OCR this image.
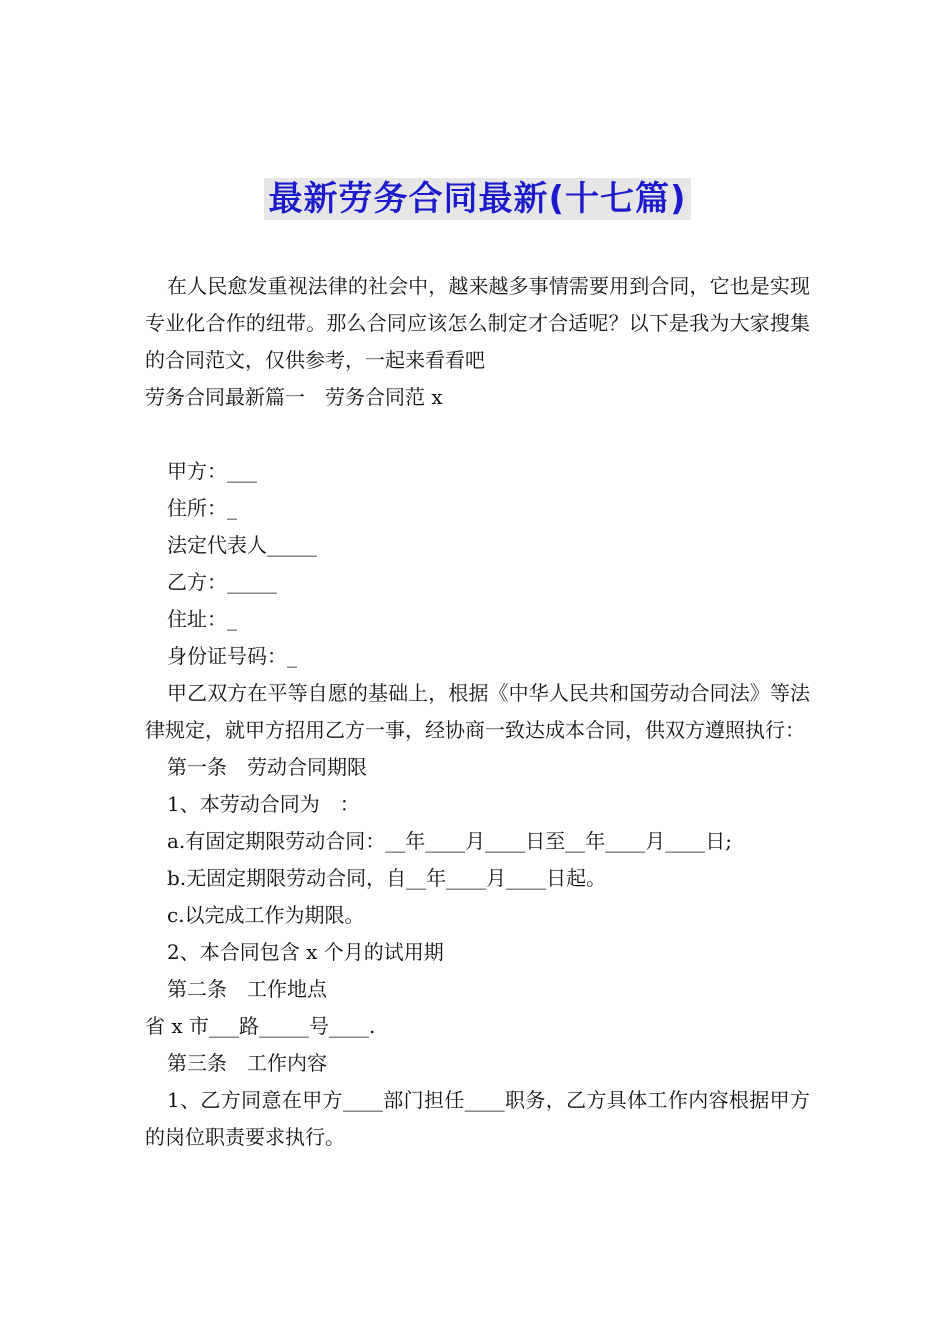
最新劳务合同最新(十七篇)

在人民愈发重视法律的社会中，越来越多事情需要用到合同，它也是实现专业化合作的纽带。那么合同应该怎么制定才合适呢？以下是我为大家搜集的合同范文，仅供参考，一起来看看吧

劳务合同最新篇一　劳务合同范 x

甲方：___

住所：_

法定代表人_____

乙方：_____

住址：_

身份证号码：_

甲乙双方在平等自愿的基础上，根据《中华人民共和国劳动合同法》等法律规定，就甲方招用乙方一事，经协商一致达成本合同，供双方遵照执行：

第一条　劳动合同期限

1、本劳动合同为　：

a.有固定期限劳动合同：__年____月____日至__年____月____日;

b.无固定期限劳动合同，自__年____月____日起。

c.以完成工作为期限。

2、本合同包含 x 个月的试用期

第二条　工作地点

省 x 市___路_____号____.

第三条　工作内容

1、乙方同意在甲方____部门担任____职务，乙方具体工作内容根据甲方的岗位职责要求执行。
